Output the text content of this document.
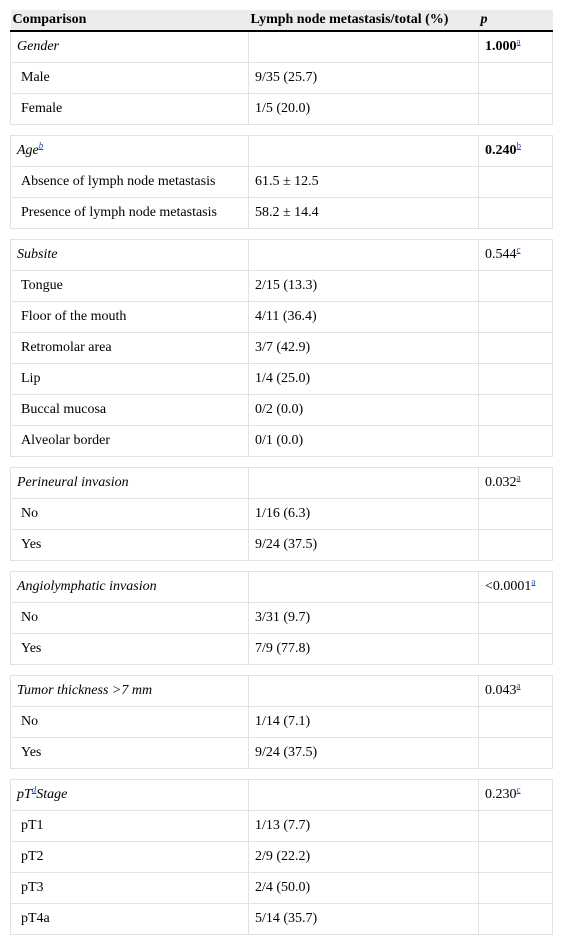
Comparison	Lymph node metastasis/total (%)	p
Gender		1.000$^a$
Male	9/35 (25.7)	
Female	1/5 (20.0)	

Age$^b$		0.240$^b$
Absence of lymph node metastasis	61.5 ± 12.5	
Presence of lymph node metastasis	58.2 ± 14.4	

Subsite		0.544$^c$
Tongue	2/15 (13.3)	
Floor of the mouth	4/11 (36.4)	
Retromolar area	3/7 (42.9)	
Lip	1/4 (25.0)	
Buccal mucosa	0/2 (0.0)	
Alveolar border	0/1 (0.0)	

Perineural invasion		0.032$^a$
No	1/16 (6.3)	
Yes	9/24 (37.5)	

Angiolymphatic invasion		<0.0001$^a$
No	3/31 (9.7)	
Yes	7/9 (77.8)	

Tumor thickness >7 mm		0.043$^a$
No	1/14 (7.1)	
Yes	9/24 (37.5)	

pT$^d$Stage		0.230$^c$
pT1	1/13 (7.7)	
pT2	2/9 (22.2)	
pT3	2/4 (50.0)	
pT4a	5/14 (35.7)	
